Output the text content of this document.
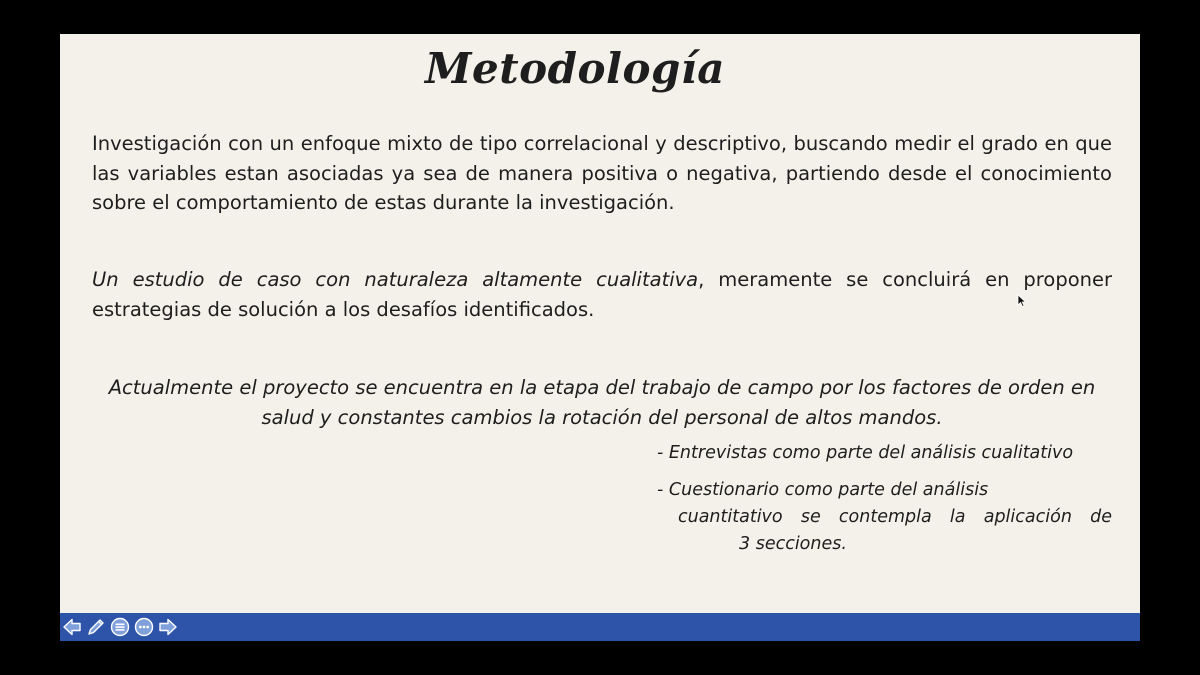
Metodología
Investigación con un enfoque mixto de tipo correlacional y descriptivo, buscando medir el grado en que las variables estan asociadas ya sea de manera positiva o negativa, partiendo desde el conocimiento sobre el comportamiento de estas durante la investigación.
Un estudio de caso con naturaleza altamente cualitativa, meramente se concluirá en proponer estrategias de solución a los desafíos identificados.
Actualmente el proyecto se encuentra en la etapa del trabajo de campo por los factores de orden en salud y constantes cambios la rotación del personal de altos mandos.
- Entrevistas como parte del análisis cualitativo
- Cuestionario como parte del análisis
cuantitativo se contempla la aplicación de
3 secciones.
